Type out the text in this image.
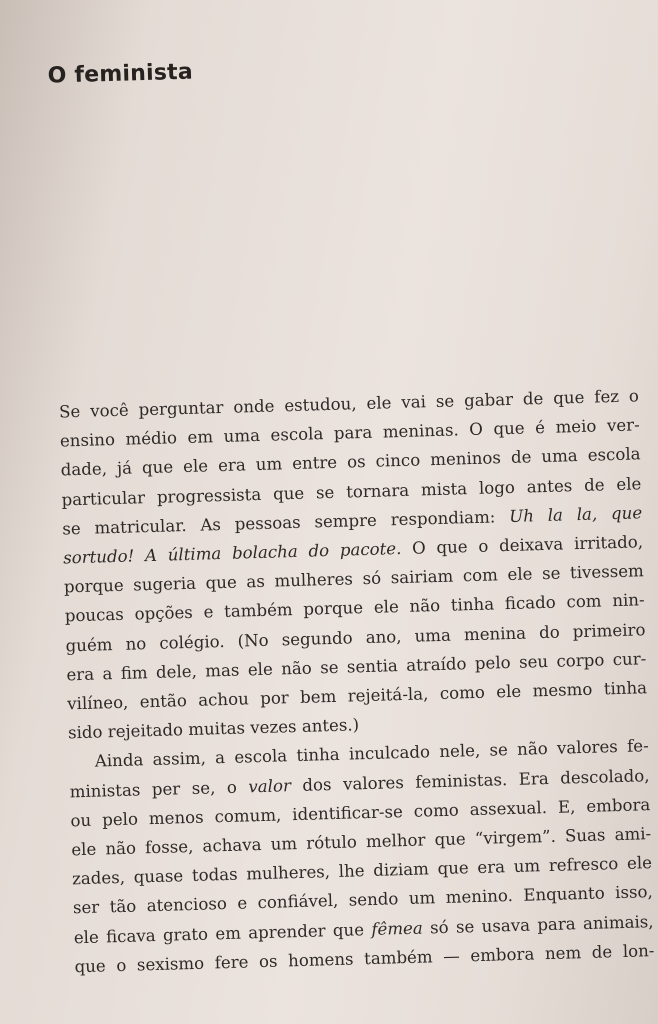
O feminista
Se você perguntar onde estudou, ele vai se gabar de que fez o
ensino médio em uma escola para meninas. O que é meio ver-
dade, já que ele era um entre os cinco meninos de uma escola
particular progressista que se tornara mista logo antes de ele
se matricular. As pessoas sempre respondiam: Uh la la, que
sortudo! A última bolacha do pacote. O que o deixava irritado,
porque sugeria que as mulheres só sairiam com ele se tivessem
poucas opções e também porque ele não tinha ficado com nin-
guém no colégio. (No segundo ano, uma menina do primeiro
era a fim dele, mas ele não se sentia atraído pelo seu corpo cur-
vilíneo, então achou por bem rejeitá-la, como ele mesmo tinha
sido rejeitado muitas vezes antes.)
Ainda assim, a escola tinha inculcado nele, se não valores fe-
ministas per se, o valor dos valores feministas. Era descolado,
ou pelo menos comum, identificar-se como assexual. E, embora
ele não fosse, achava um rótulo melhor que “virgem”. Suas ami-
zades, quase todas mulheres, lhe diziam que era um refresco ele
ser tão atencioso e confiável, sendo um menino. Enquanto isso,
ele ficava grato em aprender que fêmea só se usava para animais,
que o sexismo fere os homens também — embora nem de lon-
